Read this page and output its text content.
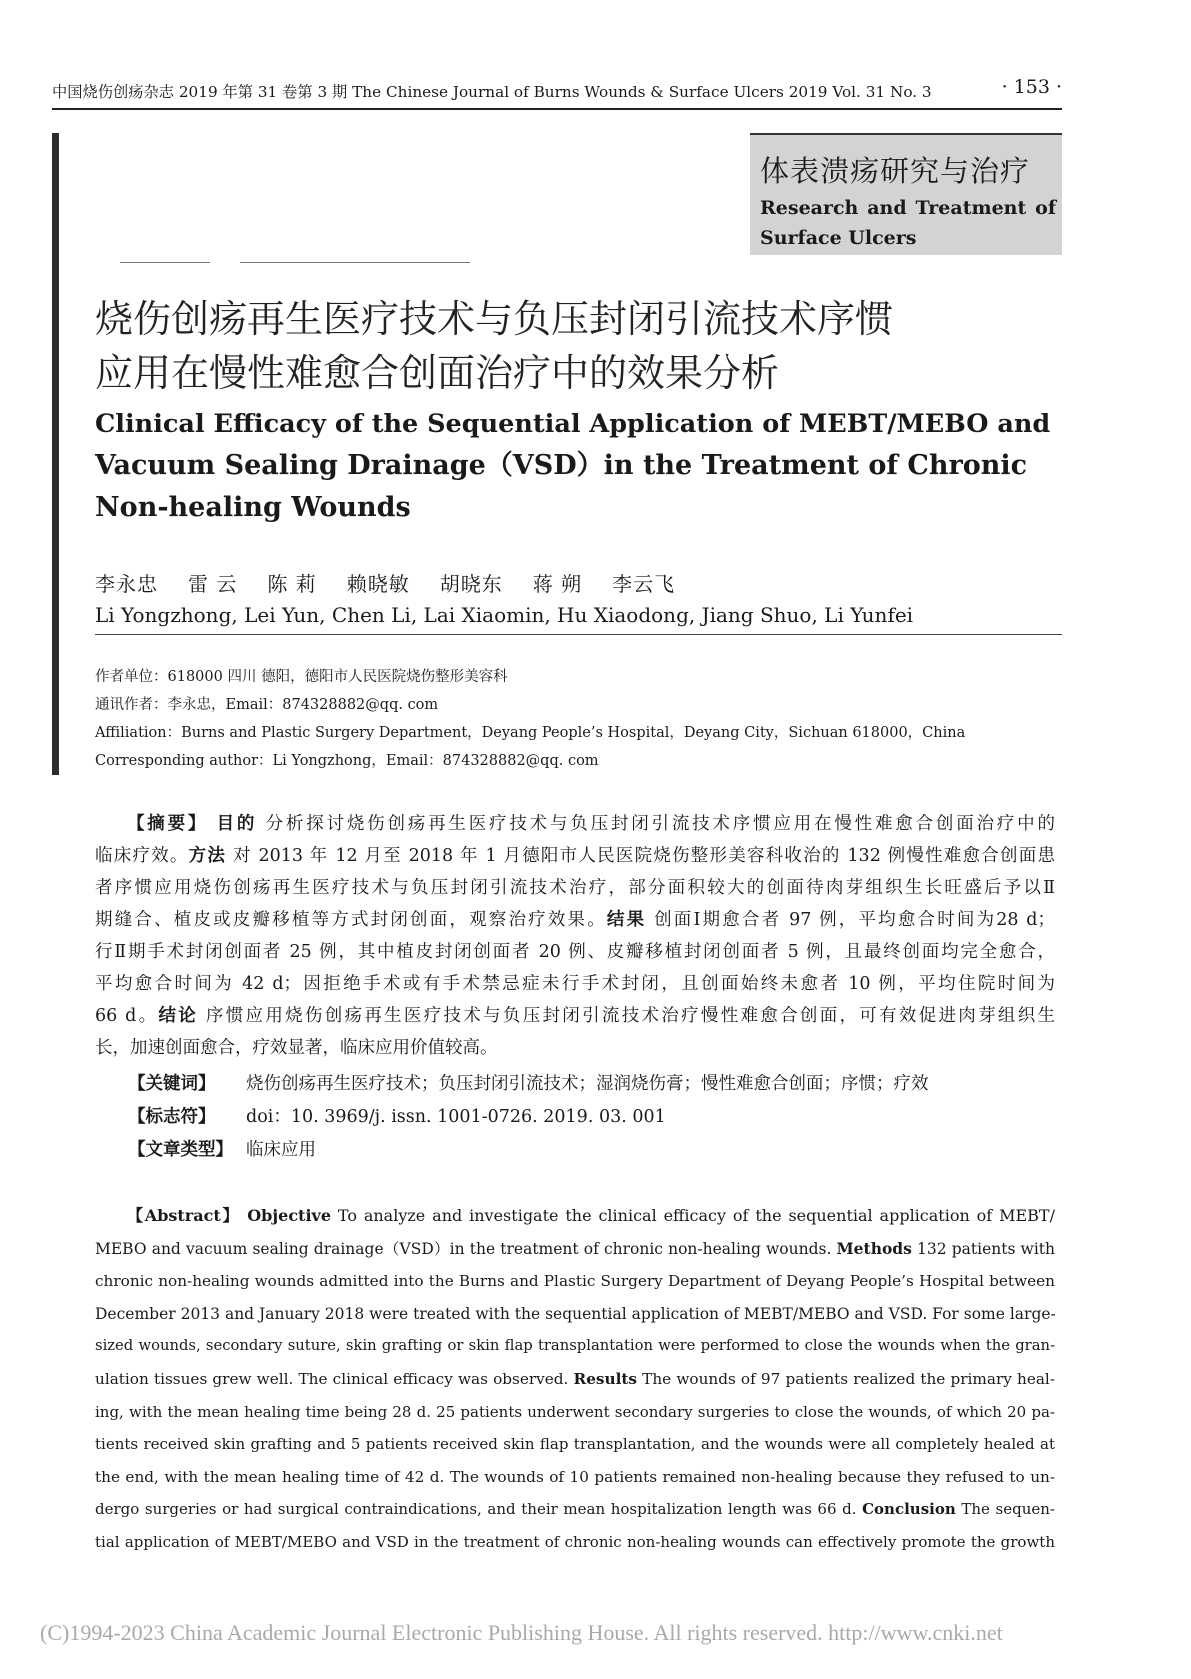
中国烧伤创疡杂志 2019 年第 31 卷第 3 期 The Chinese Journal of Burns Wounds & Surface Ulcers 2019 Vol. 31 No. 3	· 153 ·
体表溃疡研究与治疗
Research and Treatment of
Surface Ulcers
烧伤创疡再生医疗技术与负压封闭引流技术序惯
应用在慢性难愈合创面治疗中的效果分析
Clinical Efficacy of the Sequential Application of MEBT/MEBO and
Vacuum Sealing Drainage（VSD）in the Treatment of Chronic
Non-healing Wounds
李永忠 雷 云 陈 莉 赖晓敏 胡晓东 蒋 朔 李云飞
Li Yongzhong, Lei Yun, Chen Li, Lai Xiaomin, Hu Xiaodong, Jiang Shuo, Li Yunfei
作者单位：618000 四川 德阳，德阳市人民医院烧伤整形美容科
通讯作者：李永忠，Email：874328882@qq. com
Affiliation：Burns and Plastic Surgery Department，Deyang People’s Hospital，Deyang City，Sichuan 618000，China
Corresponding author：Li Yongzhong，Email：874328882@qq. com
【摘要】 目的 分析探讨烧伤创疡再生医疗技术与负压封闭引流技术序惯应用在慢性难愈合创面治疗中的
临床疗效。方法 对 2013 年 12 月至 2018 年 1 月德阳市人民医院烧伤整形美容科收治的 132 例慢性难愈合创面患
者序惯应用烧伤创疡再生医疗技术与负压封闭引流技术治疗，部分面积较大的创面待肉芽组织生长旺盛后予以Ⅱ
期缝合、植皮或皮瓣移植等方式封闭创面，观察治疗效果。结果 创面Ⅰ期愈合者 97 例，平均愈合时间为28 d；
行Ⅱ期手术封闭创面者 25 例，其中植皮封闭创面者 20 例、皮瓣移植封闭创面者 5 例，且最终创面均完全愈合，
平均愈合时间为 42 d；因拒绝手术或有手术禁忌症未行手术封闭，且创面始终未愈者 10 例，平均住院时间为
66 d。结论 序惯应用烧伤创疡再生医疗技术与负压封闭引流技术治疗慢性难愈合创面，可有效促进肉芽组织生
长，加速创面愈合，疗效显著，临床应用价值较高。
【关键词】 烧伤创疡再生医疗技术；负压封闭引流技术；湿润烧伤膏；慢性难愈合创面；序惯；疗效
【标志符】 doi：10. 3969/j. issn. 1001-0726. 2019. 03. 001
【文章类型】 临床应用
【Abstract】 Objective To analyze and investigate the clinical efficacy of the sequential application of MEBT/
MEBO and vacuum sealing drainage（VSD）in the treatment of chronic non-healing wounds. Methods 132 patients with
chronic non-healing wounds admitted into the Burns and Plastic Surgery Department of Deyang People’s Hospital between
December 2013 and January 2018 were treated with the sequential application of MEBT/MEBO and VSD. For some large-
sized wounds, secondary suture, skin grafting or skin flap transplantation were performed to close the wounds when the gran-
ulation tissues grew well. The clinical efficacy was observed. Results The wounds of 97 patients realized the primary heal-
ing, with the mean healing time being 28 d. 25 patients underwent secondary surgeries to close the wounds, of which 20 pa-
tients received skin grafting and 5 patients received skin flap transplantation, and the wounds were all completely healed at
the end, with the mean healing time of 42 d. The wounds of 10 patients remained non-healing because they refused to un-
dergo surgeries or had surgical contraindications, and their mean hospitalization length was 66 d. Conclusion The sequen-
tial application of MEBT/MEBO and VSD in the treatment of chronic non-healing wounds can effectively promote the growth
(C)1994-2023 China Academic Journal Electronic Publishing House. All rights reserved. http://www.cnki.net
